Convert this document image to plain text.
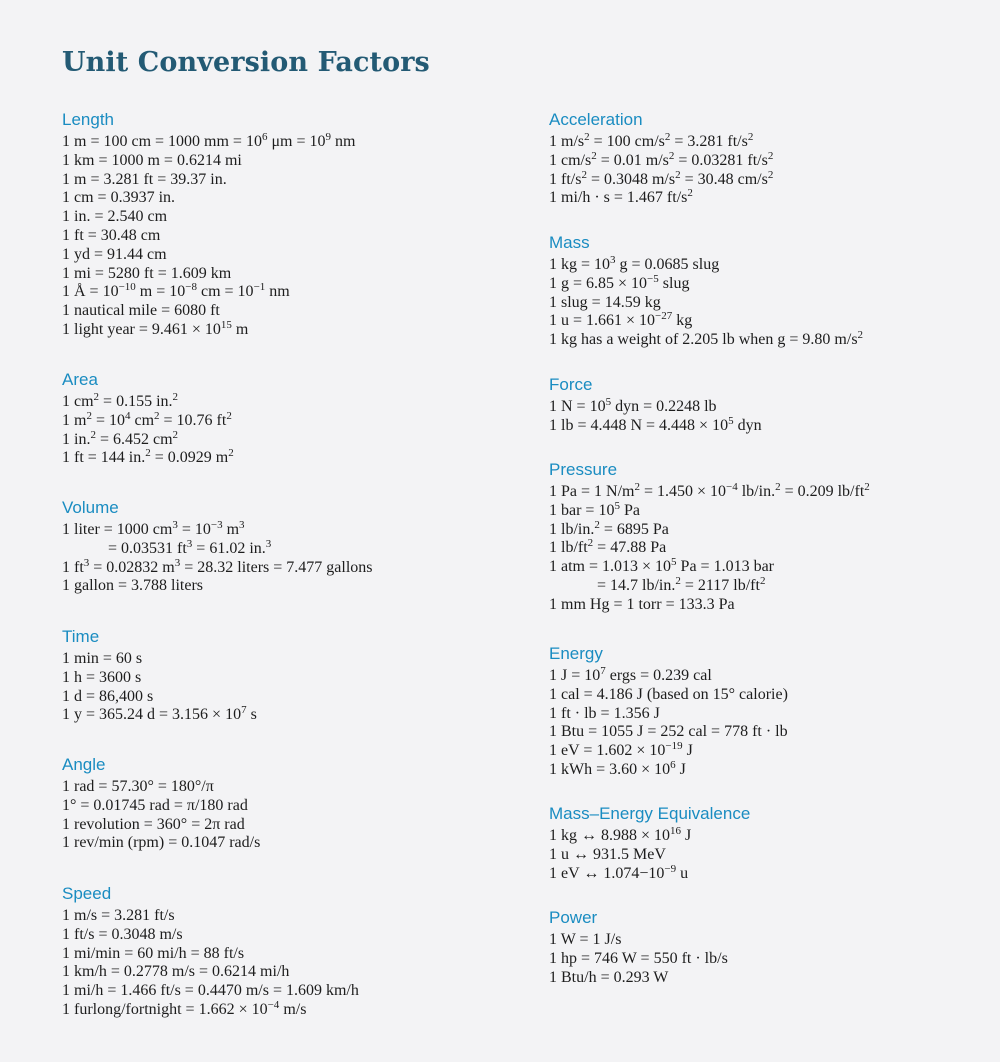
Unit Conversion Factors
Length
1 m = 100 cm = 1000 mm = $10^6$ $\mu m = 10^9$ nm
1 km = 1000 m = 0.6214 mi
1 m = 3.281 ft = 39.37 in.
1 cm = 0.3937 in.
1 in. = 2.540 cm
1 ft = 30.48 cm
1 yd = 91.44 cm
1 mi = 5280 ft = 1.609 km
1 Å = $10^{-10}$ $m = 10^{-8}$ cm = $10^{-1}$ nm
1 nautical mile = 6080 ft
1 light year = $9.461 \times 10^{15}$ m
Area
1 $cm^2 = 0.155$ in.$^2$
1 $m^2 = 10^4$ $cm^2 = 10.76$ $ft^2$
1 in.$^2$ = 6.452 $cm^2$
1 ft = 144 in.$^2$ = 0.0929 $m^2$
Volume
1 liter = 1000 $cm^3 = 10^{-3}$ $m^3$
= 0.03531 $ft^3 = 61.02$ in.$^3$
1 $ft^3 = 0.02832$ $m^3 = 28.32$ liters = 7.477 gallons
1 gallon = 3.788 liters
Time
1 min = 60 s
1 h = 3600 s
1 d = 86,400 s
1 y = 365.24 $d = 3.156 \times 10^7$ s
Angle
1 rad = 57.30° = 180°/π
1° = 0.01745 rad = π/180 rad
1 revolution = 360° = 2π rad
1 rev/min (rpm) = 0.1047 rad/s
Speed
1 m/s = 3.281 ft/s
1 ft/s = 0.3048 m/s
1 mi/min = 60 mi/h = 88 ft/s
1 km/h = 0.2778 m/s = 0.6214 mi/h
1 mi/h = 1.466 ft/s = 0.4470 m/s = 1.609 km/h
1 furlong/fortnight = $1.662 \times 10^{-4}$ m/s
Acceleration
1 $m/s^2 = 100$ $cm/s^2 = 3.281$ $ft/s^2$
1 $cm/s^2 = 0.01$ $m/s^2 = 0.03281$ $ft/s^2$
1 $ft/s^2 = 0.3048$ $m/s^2 = 30.48$ $cm/s^2$
1 mi/h · s = 1.467 $ft/s^2$
Mass
1 kg = $10^3$ g = 0.0685 slug
1 $g = 6.85 \times 10^{-5}$ slug
1 slug = 14.59 kg
1 $u = 1.661 \times 10^{-27}$ kg
1 kg has a weight of 2.205 lb when g = 9.80 $m/s^2$
Force
1 $N = 10^5$ dyn = 0.2248 lb
1 lb = 4.448 $N = 4.448 \times 10^5$ dyn
Pressure
1 Pa = 1 $N/m^2 = 1.450 \times 10^{-4}$ lb/in.$^2$ = 0.209 $lb/ft^2$
1 bar = $10^5$ Pa
1 lb/in.$^2$ = 6895 Pa
1 $lb/ft^2 = 47.88$ Pa
1 atm = $1.013 \times 10^5$ Pa = 1.013 bar
= 14.7 lb/in.$^2$ = 2117 $lb/ft^2$
1 mm Hg = 1 torr = 133.3 Pa
Energy
1 $J = 10^7$ ergs = 0.239 cal
1 cal = 4.186 J (based on 15° calorie)
1 ft · lb = 1.356 J
1 Btu = 1055 J = 252 cal = 778 ft · lb
1 eV = $1.602 \times 10^{-19}$ J
1 kWh = $3.60 \times 10^6$ J
Mass–Energy Equivalence
1 kg ↔ $8.988 \times 10^{16}$ J
1 u ↔ 931.5 MeV
1 eV ↔ $1.074-10^{-9}$ u
Power
1 W = 1 J/s
1 hp = 746 W = 550 ft · lb/s
1 Btu/h = 0.293 W
